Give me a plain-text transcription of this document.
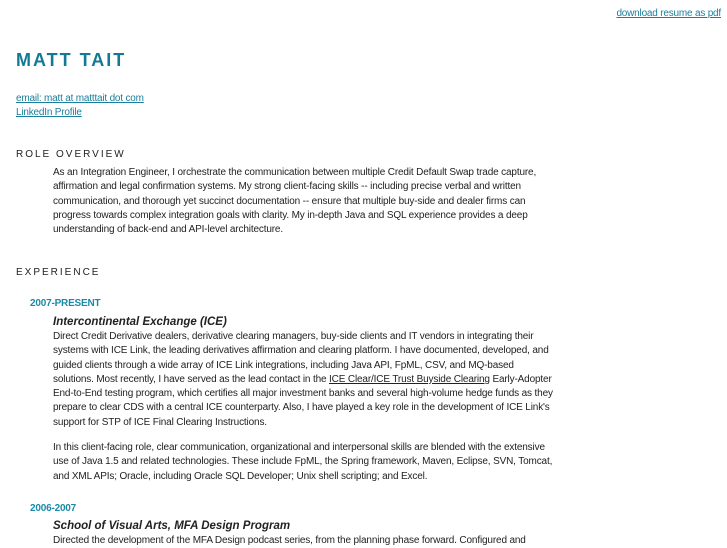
download resume as pdf
MATT TAIT
email: matt at matttait dot com
LinkedIn Profile
ROLE OVERVIEW

As an Integration Engineer, I orchestrate the communication between multiple Credit Default Swap trade capture, affirmation and legal confirmation systems. My strong client-facing skills -- including precise verbal and written communication, and thorough yet succinct documentation -- ensure that multiple buy-side and dealer firms can progress towards complex integration goals with clarity. My in-depth Java and SQL experience provides a deep understanding of back-end and API-level architecture.

EXPERIENCE
2007-PRESENT
Intercontinental Exchange (ICE)

Direct Credit Derivative dealers, derivative clearing managers, buy-side clients and IT vendors in integrating their systems with ICE Link, the leading derivatives affirmation and clearing platform. I have documented, developed, and guided clients through a wide array of ICE Link integrations, including Java API, FpML, CSV, and MQ-based solutions. Most recently, I have served as the lead contact in the ICE Clear/ICE Trust Buyside Clearing Early-Adopter End-to-End testing program, which certifies all major investment banks and several high-volume hedge funds as they prepare to clear CDS with a central ICE counterparty. Also, I have played a key role in the development of ICE Link's support for STP of ICE Final Clearing Instructions.

In this client-facing role, clear communication, organizational and interpersonal skills are blended with the extensive use of Java 1.5 and related technologies. These include FpML, the Spring framework, Maven, Eclipse, SVN, Tomcat, and XML APIs; Oracle, including Oracle SQL Developer; Unix shell scripting; and Excel.

2006-2007
School of Visual Arts, MFA Design Program

Directed the development of the MFA Design podcast series, from the planning phase forward. Configured and
